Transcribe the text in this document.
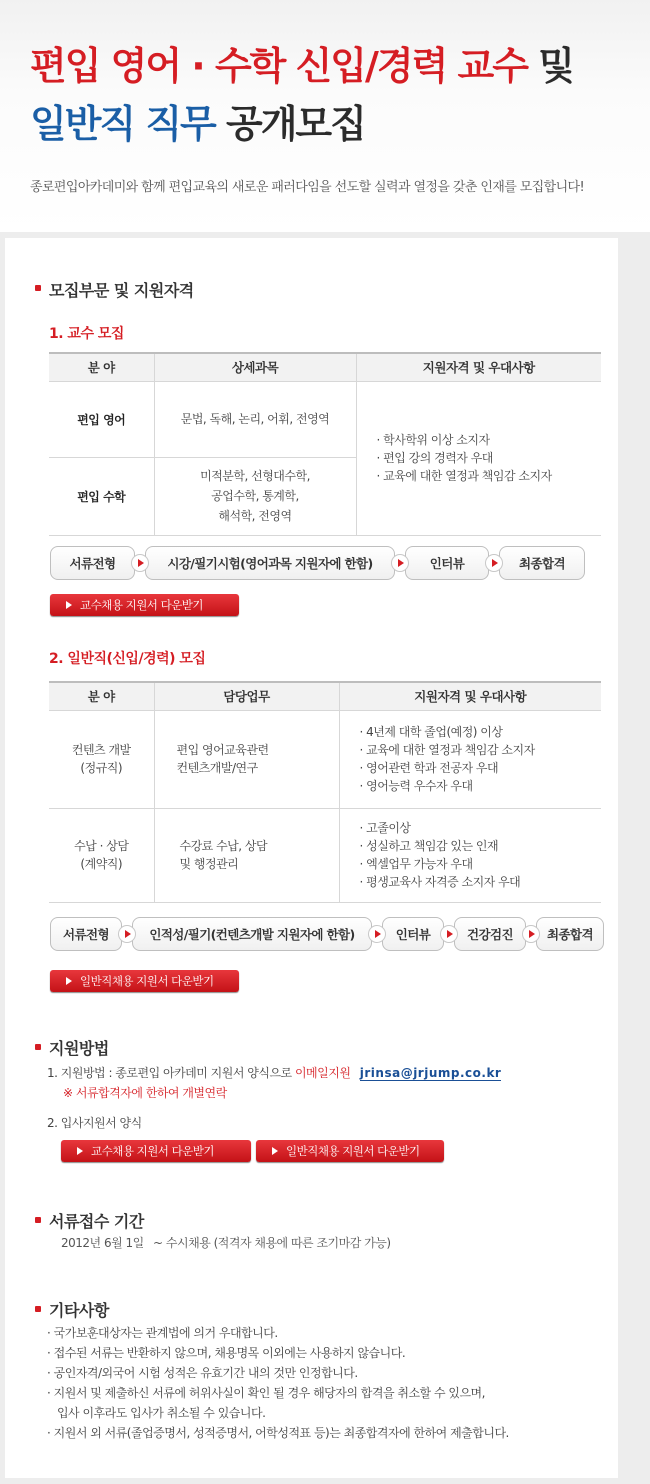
편입 영어 · 수학 신입/경력 교수 및
일반직 직무 공개모집
종로편입아카데미와 함께 편입교육의 새로운 패러다임을 선도할 실력과 열정을 갖춘 인재를 모집합니다!
모집부문 및 지원자격
1. 교수 모집
분 야	상세과목	지원자격 및 우대사항
편입 영어	문법, 독해, 논리, 어휘, 전영역	· 학사학위 이상 소지자
· 편입 강의 경력자 우대
· 교육에 대한 열정과 책임감 소지자

편입 수학	미적분학, 선형대수학,
공업수학, 통계학,
해석학, 전영역	
서류전형	시강/필기시험(영어과목 지원자에 한함)	인터뷰	최종합격
교수채용 지원서 다운받기
2. 일반직(신입/경력) 모집
분 야	담당업무	지원자격 및 우대사항

컨텐츠 개발
(정규직)	편입 영어교육관련
컨텐츠개발/연구	· 4년제 대학 졸업(예정) 이상
· 교육에 대한 열정과 책임감 소지자
· 영어관련 학과 전공자 우대
· 영어능력 우수자 우대

수납 · 상담
(계약직)	수강료 수납, 상담
및 행정관리	· 고졸이상
· 성실하고 책임감 있는 인재
· 엑셀업무 가능자 우대
· 평생교육사 자격증 소지자 우대
서류전형	인적성/필기(컨텐츠개발 지원자에 한함)	인터뷰	건강검진	최종합격
일반직채용 지원서 다운받기
지원방법
1. 지원방법 : 종로편입 아카데미 지원서 양식으로 이메일지원 jrinsa@jrjump.co.kr
※ 서류합격자에 한하여 개별연락
2. 입사지원서 양식
교수채용 지원서 다운받기	일반직채용 지원서 다운받기
서류접수 기간
2012년 6월 1일 ~ 수시채용 (적격자 채용에 따른 조기마감 가능)
기타사항
· 국가보훈대상자는 관계법에 의거 우대합니다.
· 접수된 서류는 반환하지 않으며, 채용명목 이외에는 사용하지 않습니다.
· 공인자격/외국어 시험 성적은 유효기간 내의 것만 인정합니다.
· 지원서 및 제출하신 서류에 허위사실이 확인 될 경우 해당자의 합격을 취소할 수 있으며,
입사 이후라도 입사가 취소될 수 있습니다.
· 지원서 외 서류(졸업증명서, 성적증명서, 어학성적표 등)는 최종합격자에 한하여 제출합니다.
